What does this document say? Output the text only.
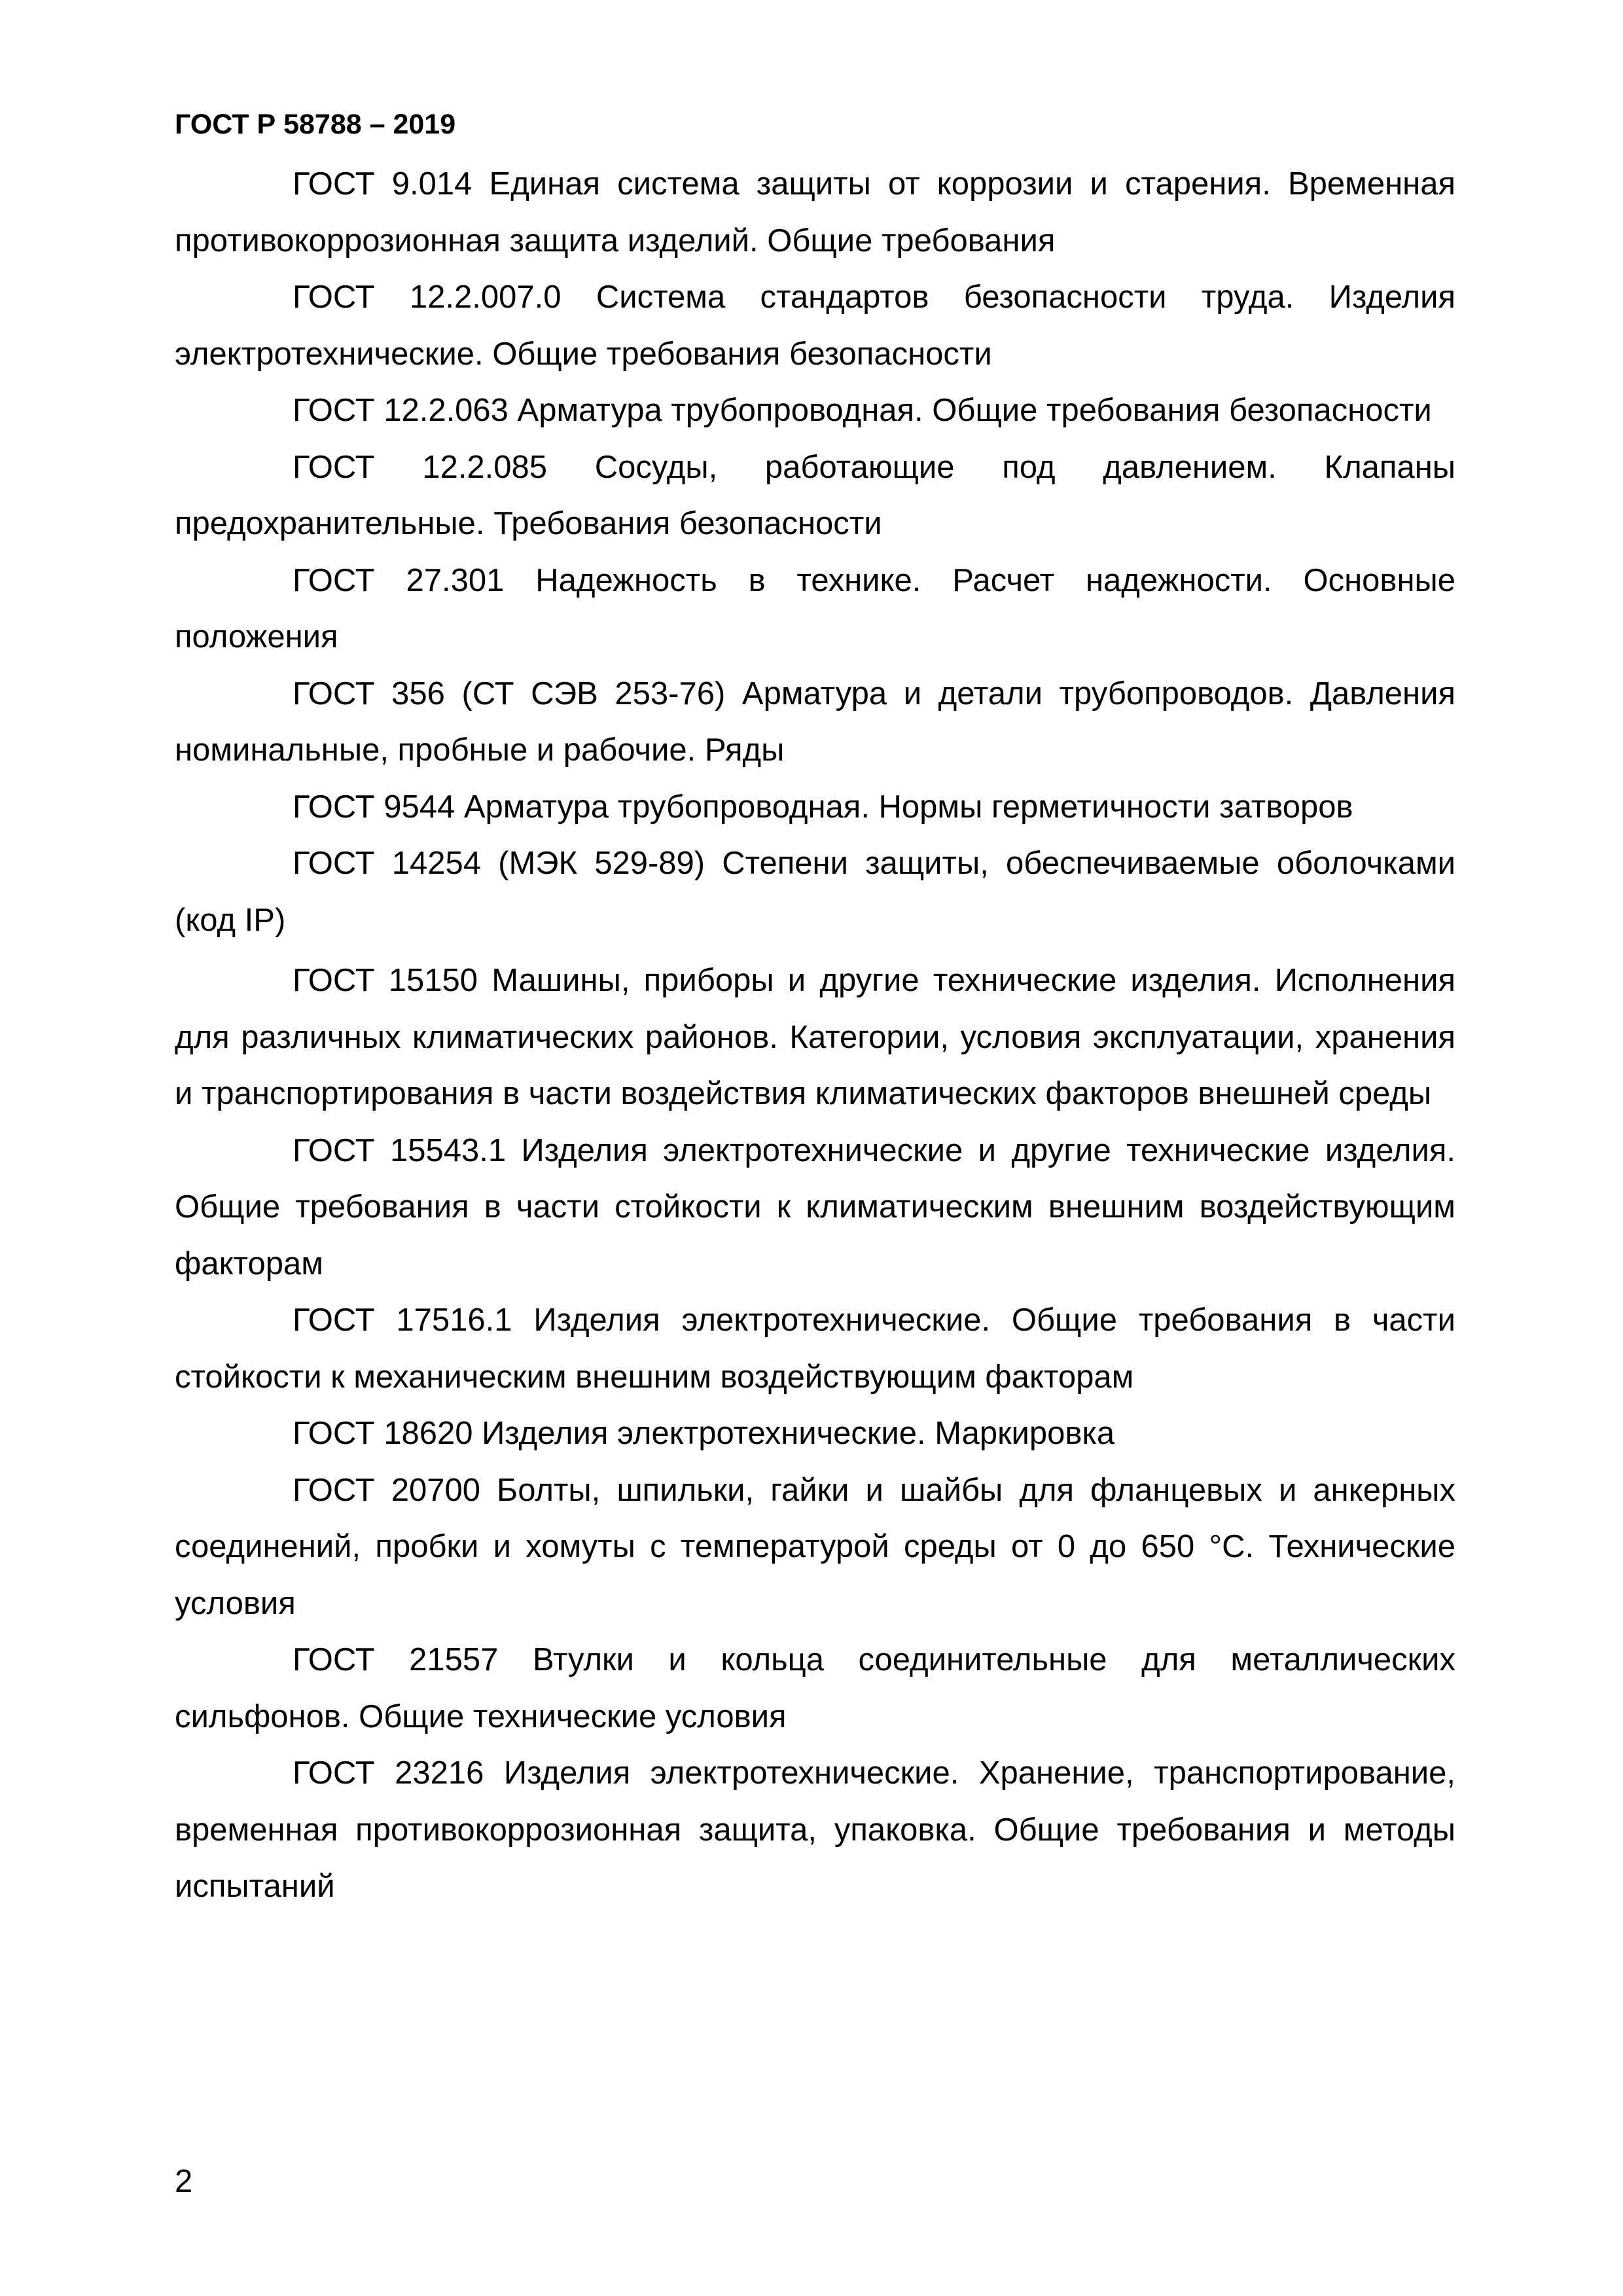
ГОСТ Р 58788 – 2019

ГОСТ 9.014 Единая система защиты от коррозии и старения. Временная противокоррозионная защита изделий. Общие требования

ГОСТ 12.2.007.0 Система стандартов безопасности труда. Изделия электротехнические. Общие требования безопасности

ГОСТ 12.2.063 Арматура трубопроводная. Общие требования безопасности

ГОСТ 12.2.085 Сосуды, работающие под давлением. Клапаны предохранительные. Требования безопасности

ГОСТ 27.301 Надежность в технике. Расчет надежности. Основные положения

ГОСТ 356 (СТ СЭВ 253-76) Арматура и детали трубопроводов. Давления номинальные, пробные и рабочие. Ряды

ГОСТ 9544 Арматура трубопроводная. Нормы герметичности затворов

ГОСТ 14254 (МЭК 529-89) Степени защиты, обеспечиваемые оболочками (код IP)

ГОСТ 15150 Машины, приборы и другие технические изделия. Исполнения для различных климатических районов. Категории, условия эксплуатации, хранения и транспортирования в части воздействия климатических факторов внешней среды

ГОСТ 15543.1 Изделия электротехнические и другие технические изделия. Общие требования в части стойкости к климатическим внешним воздействующим факторам

ГОСТ 17516.1 Изделия электротехнические. Общие требования в части стойкости к механическим внешним воздействующим факторам

ГОСТ 18620 Изделия электротехнические. Маркировка

ГОСТ 20700 Болты, шпильки, гайки и шайбы для фланцевых и анкерных соединений, пробки и хомуты с температурой среды от 0 до 650 °С. Технические условия

ГОСТ 21557 Втулки и кольца соединительные для металлических сильфонов. Общие технические условия

ГОСТ 23216 Изделия электротехнические. Хранение, транспортирование, временная противокоррозионная защита, упаковка. Общие требования и методы испытаний

2
